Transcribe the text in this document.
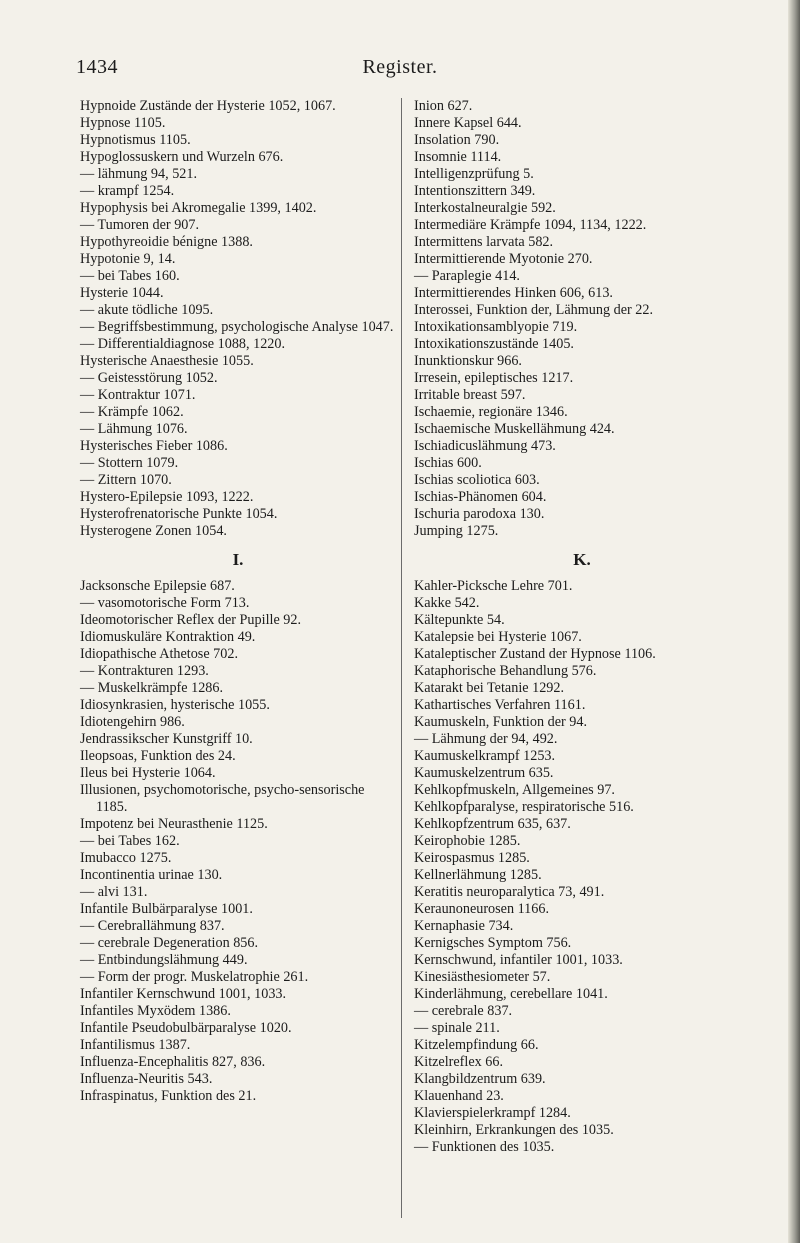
1434	Register.
Hypnoide Zustände der Hysterie 1052, 1067.
Hypnose 1105.
Hypnotismus 1105.
Hypoglossuskern und Wurzeln 676.
— lähmung 94, 521.
— krampf 1254.
Hypophysis bei Akromegalie 1399, 1402.
— Tumoren der 907.
Hypothyreoidie bénigne 1388.
Hypotonie 9, 14.
— bei Tabes 160.
Hysterie 1044.
— akute tödliche 1095.
— Begriffsbestimmung, psychologische Analyse 1047.
— Differentialdiagnose 1088, 1220.
Hysterische Anaesthesie 1055.
— Geistesstörung 1052.
— Kontraktur 1071.
— Krämpfe 1062.
— Lähmung 1076.
Hysterisches Fieber 1086.
— Stottern 1079.
— Zittern 1070.
Hystero-Epilepsie 1093, 1222.
Hysterofrenatorische Punkte 1054.
Hysterogene Zonen 1054.
I.
Jacksonsche Epilepsie 687.
— vasomotorische Form 713.
Ideomotorischer Reflex der Pupille 92.
Idiomuskuläre Kontraktion 49.
Idiopathische Athetose 702.
— Kontrakturen 1293.
— Muskelkrämpfe 1286.
Idiosynkrasien, hysterische 1055.
Idiotengehirn 986.
Jendrassikscher Kunstgriff 10.
Ileopsoas, Funktion des 24.
Ileus bei Hysterie 1064.
Illusionen, psychomotorische, psycho-sensorische 1185.
Impotenz bei Neurasthenie 1125.
— bei Tabes 162.
Imubacco 1275.
Incontinentia urinae 130.
— alvi 131.
Infantile Bulbärparalyse 1001.
— Cerebrallähmung 837.
— cerebrale Degeneration 856.
— Entbindungslähmung 449.
— Form der progr. Muskelatrophie 261.
Infantiler Kernschwund 1001, 1033.
Infantiles Myxödem 1386.
Infantile Pseudobulbärparalyse 1020.
Infantilismus 1387.
Influenza-Encephalitis 827, 836.
Influenza-Neuritis 543.
Infraspinatus, Funktion des 21.
Inion 627.
Innere Kapsel 644.
Insolation 790.
Insomnie 1114.
Intelligenzprüfung 5.
Intentionszittern 349.
Interkostalneuralgie 592.
Intermediäre Krämpfe 1094, 1134, 1222.
Intermittens larvata 582.
Intermittierende Myotonie 270.
— Paraplegie 414.
Intermittierendes Hinken 606, 613.
Interossei, Funktion der, Lähmung der 22.
Intoxikationsamblyopie 719.
Intoxikationszustände 1405.
Inunktionskur 966.
Irresein, epileptisches 1217.
Irritable breast 597.
Ischaemie, regionäre 1346.
Ischaemische Muskellähmung 424.
Ischiadicuslähmung 473.
Ischias 600.
Ischias scoliotica 603.
Ischias-Phänomen 604.
Ischuria parodoxa 130.
Jumping 1275.
K.
Kahler-Picksche Lehre 701.
Kakke 542.
Kältepunkte 54.
Katalepsie bei Hysterie 1067.
Kataleptischer Zustand der Hypnose 1106.
Kataphorische Behandlung 576.
Katarakt bei Tetanie 1292.
Kathartisches Verfahren 1161.
Kaumuskeln, Funktion der 94.
— Lähmung der 94, 492.
Kaumuskelkrampf 1253.
Kaumuskelzentrum 635.
Kehlkopfmuskeln, Allgemeines 97.
Kehlkopfparalyse, respiratorische 516.
Kehlkopfzentrum 635, 637.
Keirophobie 1285.
Keirospasmus 1285.
Kellnerlähmung 1285.
Keratitis neuroparalytica 73, 491.
Keraunoneurosen 1166.
Kernaphasie 734.
Kernigsches Symptom 756.
Kernschwund, infantiler 1001, 1033.
Kinesiästhesiometer 57.
Kinderlähmung, cerebellare 1041.
— cerebrale 837.
— spinale 211.
Kitzelempfindung 66.
Kitzelreflex 66.
Klangbildzentrum 639.
Klauenhand 23.
Klavierspielerkrampf 1284.
Kleinhirn, Erkrankungen des 1035.
— Funktionen des 1035.
